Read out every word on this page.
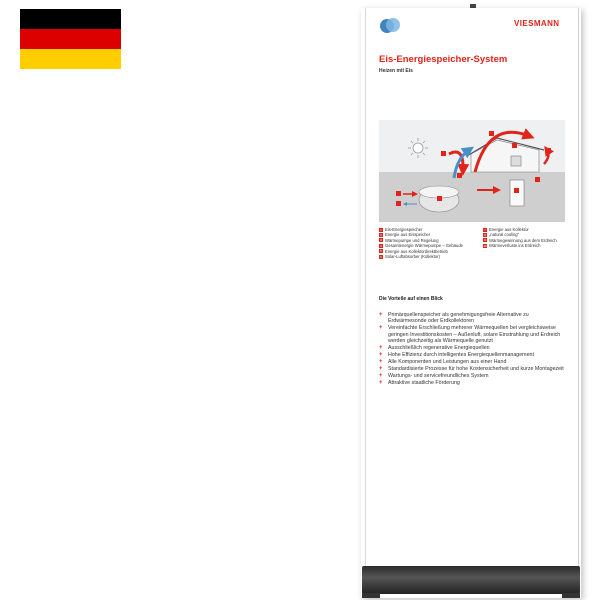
VIESMANN
Eis-Energiespeicher-System
Heizen mit Eis
1 Eis-Energiespeicher
2 Energie aus Eisspeicher
3 Wärmepumpe und Regelung
4 Gesamtenergie Wärmepumpe – Gebäude
5 Energie aus Kollektordirektbetrieb
6 Solar-Luftabsorber (Kollektor)
7 Energie aus Kollektor
8 „natural cooling“
9 Wärmegewinnung aus dem Erdreich
10 Wärmeverluste ins Erdreich
Die Vorteile auf einen Blick
+	Primärquellenspeicher als genehmigungsfreie Alternative zu Erdwärmesonde oder Erdkollektoren
+	Vereinfachte Erschließung mehrerer Wärmequellen bei vergleichsweise geringen Investitionskosten – Außenluft, solare Einstrahlung und Erdreich werden gleichzeitig als Wärmequelle genutzt
+	Ausschließlich regenerative Energiequellen
+	Hohe Effizienz durch intelligentes Energiequellenmanagement
+	Alle Komponenten und Leistungen aus einer Hand
+	Standardisierte Prozesse für hohe Kostensicherheit und kurze Montagezeit
+	Wartungs- und servicefreundliches System
+	Attraktive staatliche Förderung
